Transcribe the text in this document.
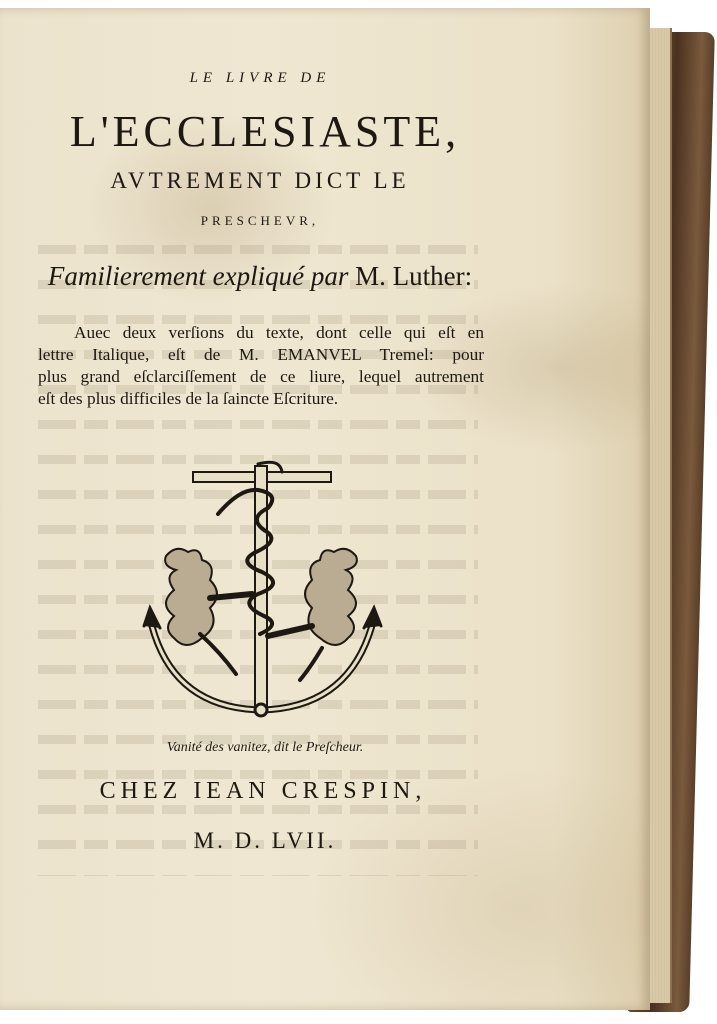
LE LIVRE DE
L'ECCLESIASTE,
AVTREMENT DICT LE
PRESCHEVR,
Familierement expliqué par M. Luther:
Auec deux verſions du texte, dont celle qui eſt en
lettre Italique, eſt de M. EMANVEL Tremel: pour
plus grand eſclarciſſement de ce liure, lequel autrement
eſt des plus difficiles de la ſaincte Eſcriture.
Vanité des vanitez, dit le Preſcheur.
CHEZ IEAN CRESPIN,
M. D. LVII.
